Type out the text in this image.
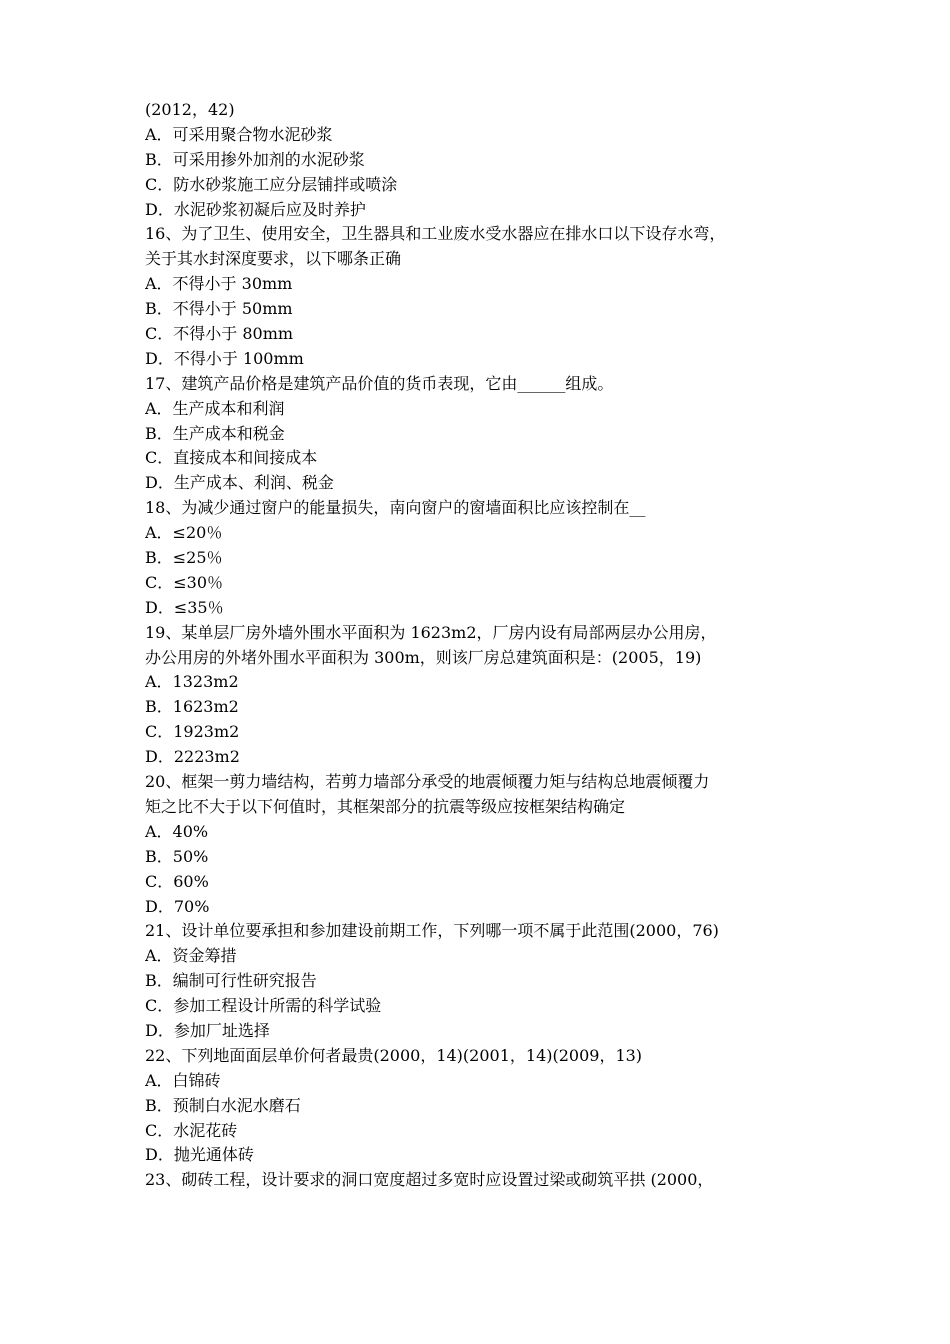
(2012，42)
A．可采用聚合物水泥砂浆
B．可采用掺外加剂的水泥砂浆
C．防水砂浆施工应分层铺拌或喷涂
D．水泥砂浆初凝后应及时养护
16、为了卫生、使用安全，卫生器具和工业废水受水器应在排水口以下设存水弯，
关于其水封深度要求，以下哪条正确
A．不得小于 30mm
B．不得小于 50mm
C．不得小于 80mm
D．不得小于 100mm
17、建筑产品价格是建筑产品价值的货币表现，它由______组成。
A．生产成本和利润
B．生产成本和税金
C．直接成本和间接成本
D．生产成本、利润、税金
18、为减少通过窗户的能量损失，南向窗户的窗墙面积比应该控制在__
A．≤20％
B．≤25％
C．≤30％
D．≤35％
19、某单层厂房外墙外围水平面积为 1623m2，厂房内设有局部两层办公用房，
办公用房的外堵外围水平面积为 300m，则该厂房总建筑面积是：(2005，19)
A．1323m2
B．1623m2
C．1923m2
D．2223m2
20、框架一剪力墙结构，若剪力墙部分承受的地震倾覆力矩与结构总地震倾覆力
矩之比不大于以下何值时，其框架部分的抗震等级应按框架结构确定
A．40%
B．50%
C．60%
D．70%
21、设计单位要承担和参加建设前期工作，下列哪一项不属于此范围(2000，76)
A．资金筹措
B．编制可行性研究报告
C．参加工程设计所需的科学试验
D．参加厂址选择
22、下列地面面层单价何者最贵(2000，14)(2001，14)(2009，13)
A．白锦砖
B．预制白水泥水磨石
C．水泥花砖
D．抛光通体砖
23、砌砖工程，设计要求的洞口宽度超过多宽时应设置过梁或砌筑平拱 (2000，
